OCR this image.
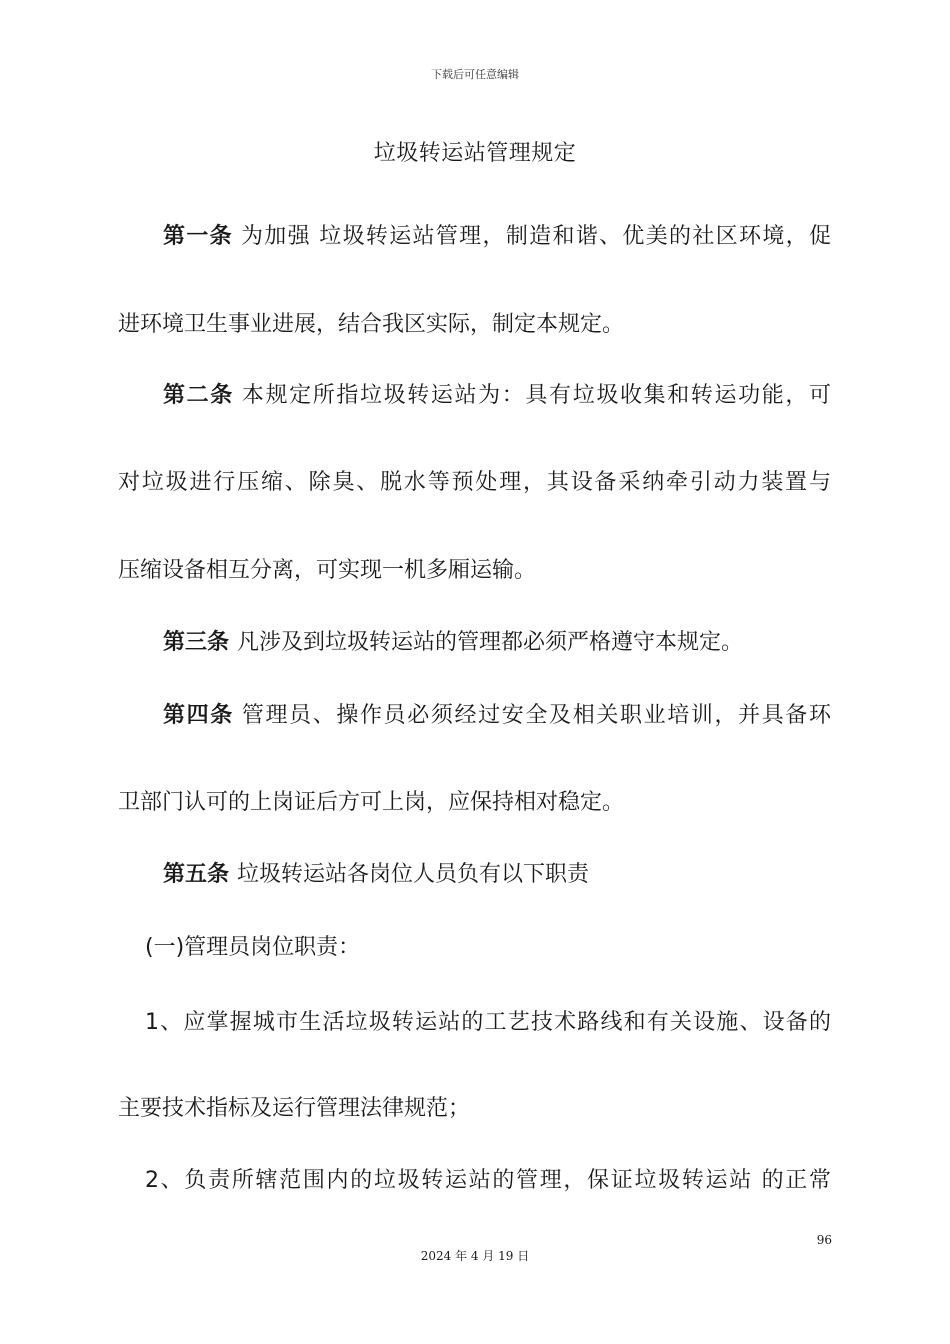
下载后可任意编辑
垃圾转运站管理规定
第一条 为加强 垃圾转运站管理，制造和谐、优美的社区环境，促
进环境卫生事业进展，结合我区实际，制定本规定。
第二条 本规定所指垃圾转运站为：具有垃圾收集和转运功能，可
对垃圾进行压缩、除臭、脱水等预处理，其设备采纳牵引动力装置与
压缩设备相互分离，可实现一机多厢运输。
第三条 凡涉及到垃圾转运站的管理都必须严格遵守本规定。
第四条 管理员、操作员必须经过安全及相关职业培训，并具备环
卫部门认可的上岗证后方可上岗，应保持相对稳定。
第五条 垃圾转运站各岗位人员负有以下职责
(一)管理员岗位职责：
1、应掌握城市生活垃圾转运站的工艺技术路线和有关设施、设备的
主要技术指标及运行管理法律规范；
2、负责所辖范围内的垃圾转运站的管理，保证垃圾转运站 的正常
96
2024 年 4 月 19 日
